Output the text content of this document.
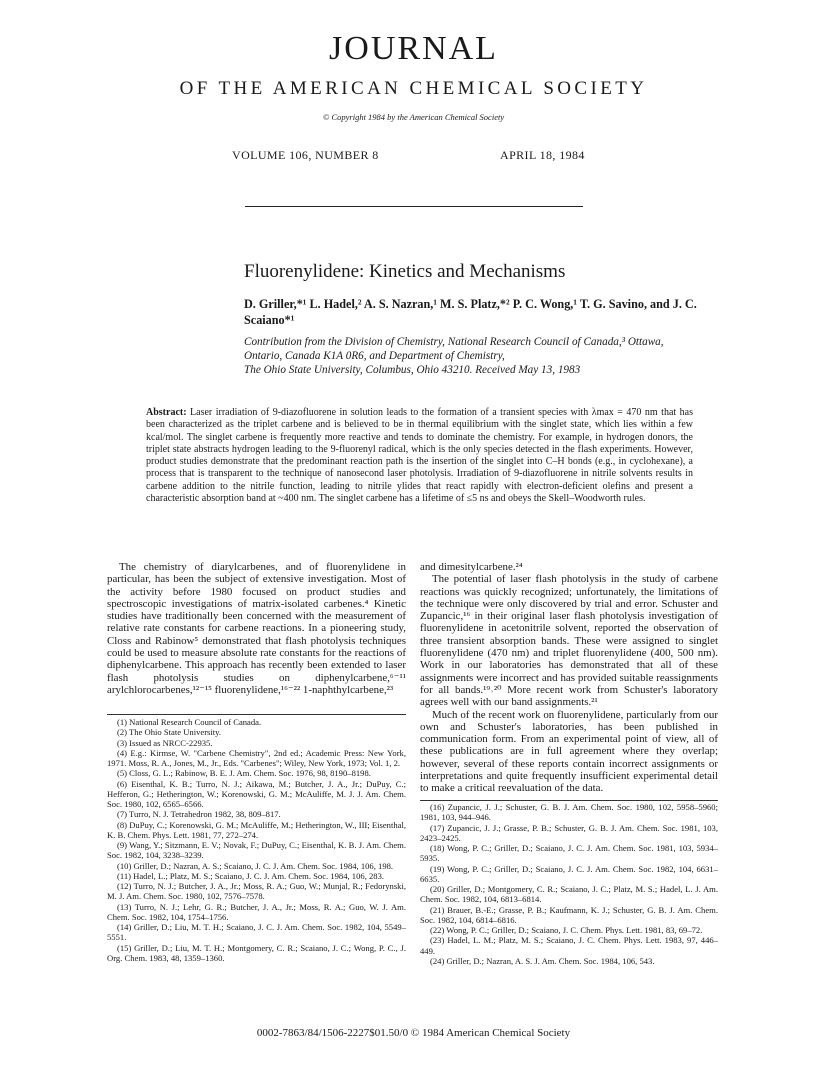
JOURNAL
OF THE AMERICAN CHEMICAL SOCIETY
© Copyright 1984 by the American Chemical Society
VOLUME 106, NUMBER 8	APRIL 18, 1984
Fluorenylidene: Kinetics and Mechanisms
D. Griller,*¹ L. Hadel,² A. S. Nazran,¹ M. S. Platz,*² P. C. Wong,¹ T. G. Savino, and J. C. Scaiano*¹
Contribution from the Division of Chemistry, National Research Council of Canada,³ Ottawa,
Ontario, Canada K1A 0R6, and Department of Chemistry,
The Ohio State University, Columbus, Ohio 43210. Received May 13, 1983
Abstract: Laser irradiation of 9-diazofluorene in solution leads to the formation of a transient species with λmax = 470 nm that has been characterized as the triplet carbene and is believed to be in thermal equilibrium with the singlet state, which lies within a few kcal/mol. The singlet carbene is frequently more reactive and tends to dominate the chemistry. For example, in hydrogen donors, the triplet state abstracts hydrogen leading to the 9-fluorenyl radical, which is the only species detected in the flash experiments. However, product studies demonstrate that the predominant reaction path is the insertion of the singlet into C–H bonds (e.g., in cyclohexane), a process that is transparent to the technique of nanosecond laser photolysis. Irradiation of 9-diazofluorene in nitrile solvents results in carbene addition to the nitrile function, leading to nitrile ylides that react rapidly with electron-deficient olefins and present a characteristic absorption band at ~400 nm. The singlet carbene has a lifetime of ≤5 ns and obeys the Skell–Woodworth rules.

The chemistry of diarylcarbenes, and of fluorenylidene in particular, has been the subject of extensive investigation. Most of the activity before 1980 focused on product studies and spectroscopic investigations of matrix-isolated carbenes.⁴ Kinetic studies have traditionally been concerned with the measurement of relative rate constants for carbene reactions. In a pioneering study, Closs and Rabinow⁵ demonstrated that flash photolysis techniques could be used to measure absolute rate constants for the reactions of diphenylcarbene. This approach has recently been extended to laser flash photolysis studies on diphenylcarbene,⁶⁻¹¹ arylchlorocarbenes,¹²⁻¹⁵ fluorenylidene,¹⁶⁻²² 1-naphthylcarbene,²³

and dimesitylcarbene.²⁴

The potential of laser flash photolysis in the study of carbene reactions was quickly recognized; unfortunately, the limitations of the technique were only discovered by trial and error. Schuster and Zupancic,¹⁶ in their original laser flash photolysis investigation of fluorenylidene in acetonitrile solvent, reported the observation of three transient absorption bands. These were assigned to singlet fluorenylidene (470 nm) and triplet fluorenylidene (400, 500 nm). Work in our laboratories has demonstrated that all of these assignments were incorrect and has provided suitable reassignments for all bands.¹⁹˒²⁰ More recent work from Schuster's laboratory agrees well with our band assignments.²¹

Much of the recent work on fluorenylidene, particularly from our own and Schuster's laboratories, has been published in communication form. From an experimental point of view, all of these publications are in full agreement where they overlap; however, several of these reports contain incorrect assignments or interpretations and quite frequently insufficient experimental detail to make a critical reevaluation of the data.

(1) National Research Council of Canada.
(2) The Ohio State University.
(3) Issued as NRCC-22935.
(4) E.g.: Kirmse, W. "Carbene Chemistry", 2nd ed.; Academic Press: New York, 1971. Moss, R. A., Jones, M., Jr., Eds. "Carbenes"; Wiley, New York, 1973; Vol. 1, 2.
(5) Closs, G. L.; Rabinow, B. E. J. Am. Chem. Soc. 1976, 98, 8190–8198.
(6) Eisenthal, K. B.; Turro, N. J.; Aikawa, M.; Butcher, J. A., Jr.; DuPuy, C.; Hefferon, G.; Hetherington, W.; Korenowski, G. M.; McAuliffe, M. J. J. Am. Chem. Soc. 1980, 102, 6565–6566.
(7) Turro, N. J. Tetrahedron 1982, 38, 809–817.
(8) DuPuy, C.; Korenowski, G. M.; McAuliffe, M.; Hetherington, W., III; Eisenthal, K. B. Chem. Phys. Lett. 1981, 77, 272–274.
(9) Wang, Y.; Sitzmann, E. V.; Novak, F.; DuPuy, C.; Eisenthal, K. B. J. Am. Chem. Soc. 1982, 104, 3238–3239.
(10) Griller, D.; Nazran, A. S.; Scaiano, J. C. J. Am. Chem. Soc. 1984, 106, 198.
(11) Hadel, L.; Platz, M. S.; Scaiano, J. C. J. Am. Chem. Soc. 1984, 106, 283.
(12) Turro, N. J.; Butcher, J. A., Jr.; Moss, R. A.; Guo, W.; Munjal, R.; Fedorynski, M. J. Am. Chem. Soc. 1980, 102, 7576–7578.
(13) Turro, N. J.; Lehr, G. R.; Butcher, J. A., Jr.; Moss, R. A.; Guo, W. J. Am. Chem. Soc. 1982, 104, 1754–1756.
(14) Griller, D.; Liu, M. T. H.; Scaiano, J. C. J. Am. Chem. Soc. 1982, 104, 5549–5551.
(15) Griller, D.; Liu, M. T. H.; Montgomery, C. R.; Scaiano, J. C.; Wong, P. C., J. Org. Chem. 1983, 48, 1359–1360.
(16) Zupancic, J. J.; Schuster, G. B. J. Am. Chem. Soc. 1980, 102, 5958–5960; 1981, 103, 944–946.
(17) Zupancic, J. J.; Grasse, P. B.; Schuster, G. B. J. Am. Chem. Soc. 1981, 103, 2423–2425.
(18) Wong, P. C.; Griller, D.; Scaiano, J. C. J. Am. Chem. Soc. 1981, 103, 5934–5935.
(19) Wong, P. C.; Griller, D.; Scaiano, J. C. J. Am. Chem. Soc. 1982, 104, 6631–6635.
(20) Griller, D.; Montgomery, C. R.; Scaiano, J. C.; Platz, M. S.; Hadel, L. J. Am. Chem. Soc. 1982, 104, 6813–6814.
(21) Brauer, B.-E.; Grasse, P. B.; Kaufmann, K. J.; Schuster, G. B. J. Am. Chem. Soc. 1982, 104, 6814–6816.
(22) Wong, P. C.; Griller, D.; Scaiano, J. C. Chem. Phys. Lett. 1981, 83, 69–72.
(23) Hadel, L. M.; Platz, M. S.; Scaiano, J. C. Chem. Phys. Lett. 1983, 97, 446–449.
(24) Griller, D.; Nazran, A. S. J. Am. Chem. Soc. 1984, 106, 543.
0002-7863/84/1506-2227$01.50/0 © 1984 American Chemical Society
